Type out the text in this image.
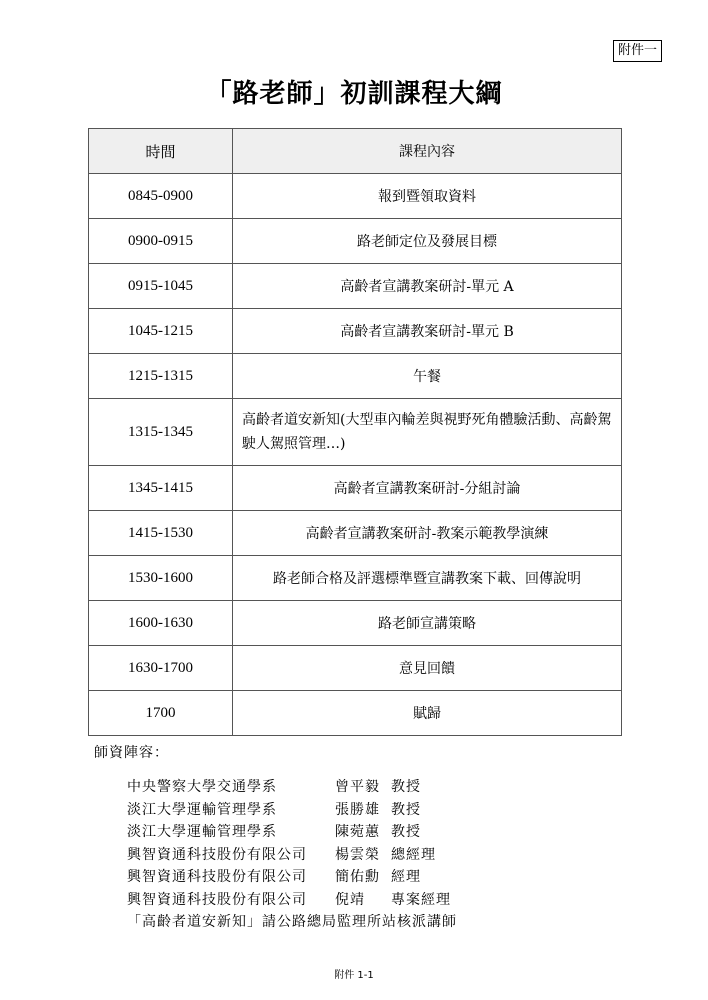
附件一
「路老師」初訓課程大綱
時間	課程內容
0845-0900	報到暨領取資料
0900-0915	路老師定位及發展目標
0915-1045	高齡者宣講教案研討-單元 A
1045-1215	高齡者宣講教案研討-單元 B
1215-1315	午餐
1315-1345	高齡者道安新知(大型車內輪差與視野死角體驗活動、高齡駕駛人駕照管理…)
1345-1415	高齡者宣講教案研討-分組討論
1415-1530	高齡者宣講教案研討-教案示範教學演練
1530-1600	路老師合格及評選標準暨宣講教案下載、回傳說明
1600-1630	路老師宣講策略
1630-1700	意見回饋
1700	賦歸
師資陣容：
中央警察大學交通學系	曾平毅 教授
淡江大學運輸管理學系	張勝雄 教授
淡江大學運輸管理學系	陳菀蕙 教授
興智資通科技股份有限公司 楊雲榮 總經理
興智資通科技股份有限公司 簡佑勳 經理
興智資通科技股份有限公司 倪靖 專案經理
「高齡者道安新知」請公路總局監理所站核派講師
附件 1-1
